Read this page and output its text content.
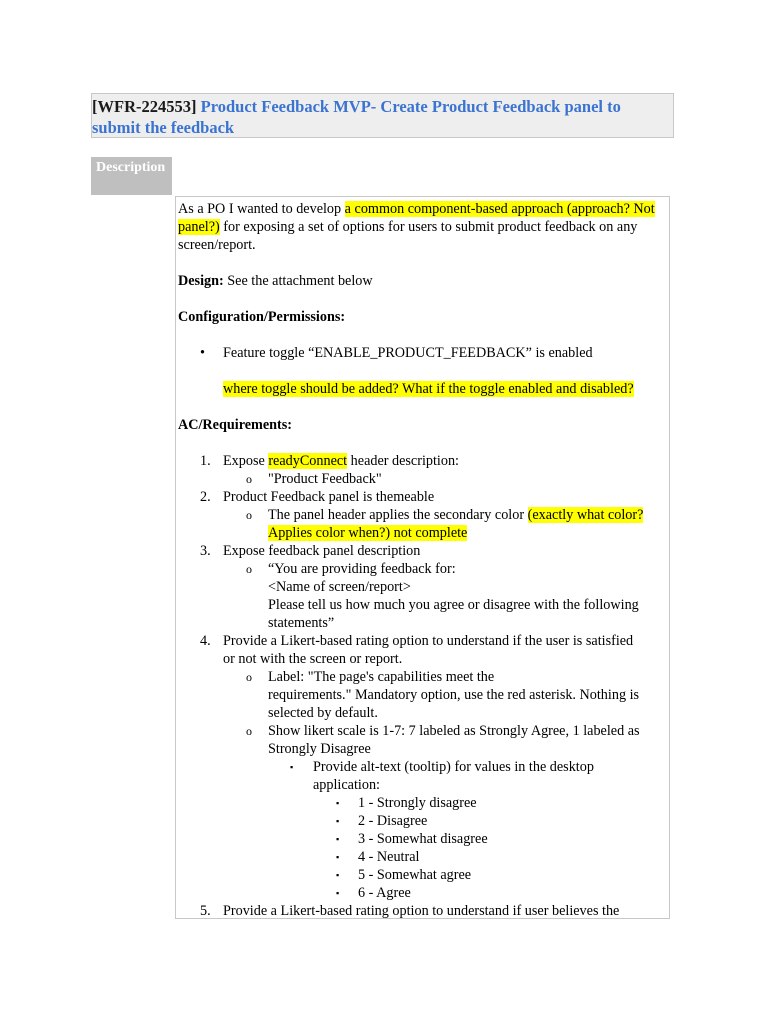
[WFR-224553] Product Feedback MVP- Create Product Feedback panel to submit the feedback
Description

As a PO I wanted to develop a common component-based approach (approach? Not panel?) for exposing a set of options for users to submit product feedback on any screen/report.

Design: See the attachment below

Configuration/Permissions:

• Feature toggle “ENABLE_PRODUCT_FEEDBACK” is enabled
where toggle should be added? What if the toggle enabled and disabled?

AC/Requirements:

1. Expose readyConnect header description:
o "Product Feedback"
2. Product Feedback panel is themeable
o The panel header applies the secondary color (exactly what color?
Applies color when?) not complete
3. Expose feedback panel description
o “You are providing feedback for:
<Name of screen/report>
Please tell us how much you agree or disagree with the following
statements”
4. Provide a Likert-based rating option to understand if the user is satisfied
or not with the screen or report.
o Label: "The page's capabilities meet the
requirements." Mandatory option, use the red asterisk. Nothing is
selected by default.
o Show likert scale is 1-7: 7 labeled as Strongly Agree, 1 labeled as
Strongly Disagree
▪ Provide alt-text (tooltip) for values in the desktop
application:
▪ 1 - Strongly disagree
▪ 2 - Disagree
▪ 3 - Somewhat disagree
▪ 4 - Neutral
▪ 5 - Somewhat agree
▪ 6 - Agree
5. Provide a Likert-based rating option to understand if user believes the
